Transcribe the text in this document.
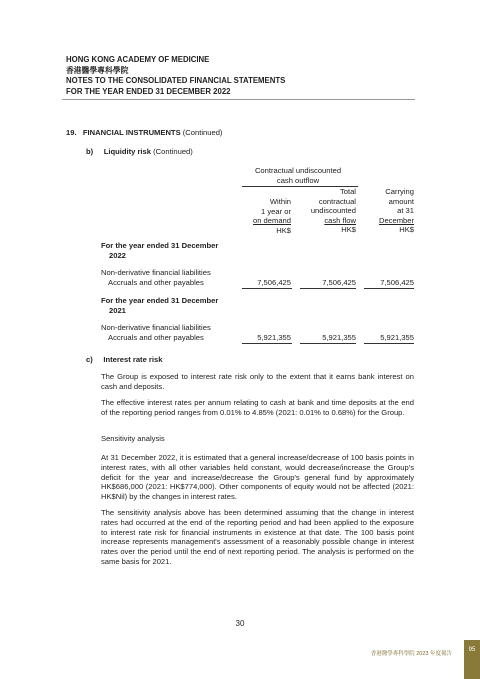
HONG KONG ACADEMY OF MEDICINE
香港醫學專科學院
NOTES TO THE CONSOLIDATED FINANCIAL STATEMENTS
FOR THE YEAR ENDED 31 DECEMBER 2022
19. FINANCIAL INSTRUMENTS (Continued)
b) Liquidity risk (Continued)
Contractual undiscounted
cash outflow
Within
1 year or
on demand
HK$
Total
contractual
undiscounted
cash flow
HK$
Carrying
amount
at 31
December
HK$
For the year ended 31 December
2022
Non-derivative financial liabilities
Accruals and other payables	7,506,425	7,506,425	7,506,425
For the year ended 31 December
2021
Non-derivative financial liabilities
Accruals and other payables	5,921,355	5,921,355	5,921,355
c) Interest rate risk
The Group is exposed to interest rate risk only to the extent that it earns bank interest on cash and deposits.
The effective interest rates per annum relating to cash at bank and time deposits at the end of the reporting period ranges from 0.01% to 4.85% (2021: 0.01% to 0.68%) for the Group.
Sensitivity analysis
At 31 December 2022, it is estimated that a general increase/decrease of 100 basis points in interest rates, with all other variables held constant, would decrease/increase the Group's deficit for the year and increase/decrease the Group's general fund by approximately HK$686,000 (2021: HK$774,000). Other components of equity would not be affected (2021: HK$Nil) by the changes in interest rates.
The sensitivity analysis above has been determined assuming that the change in interest rates had occurred at the end of the reporting period and had been applied to the exposure to interest rate risk for financial instruments in existence at that date. The 100 basis point increase represents management's assessment of a reasonably possible change in interest rates over the period until the end of next reporting period. The analysis is performed on the same basis for 2021.
30
香港醫學專科學院 2023 年度報告
95
